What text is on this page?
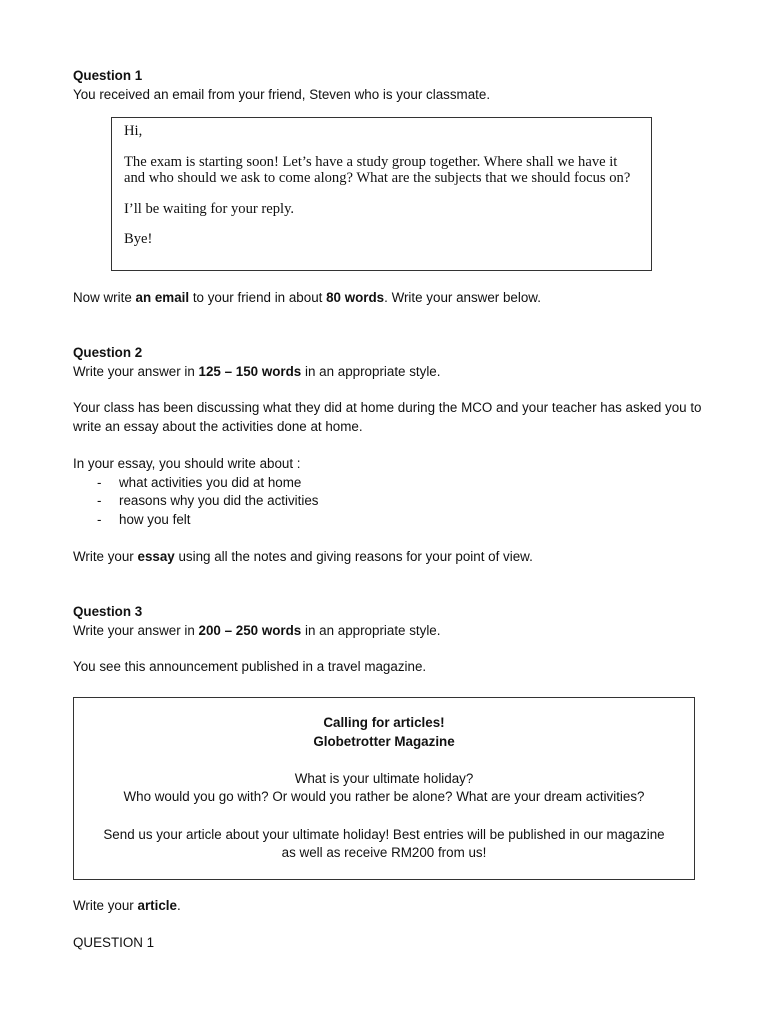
Question 1

You received an email from your friend, Steven who is your classmate.

Hi,

The exam is starting soon! Let’s have a study group together. Where shall we have it and who should we ask to come along? What are the subjects that we should focus on?

I’ll be waiting for your reply.

Bye!

Now write an email to your friend in about 80 words. Write your answer below.

Question 2

Write your answer in 125 – 150 words in an appropriate style.

Your class has been discussing what they did at home during the MCO and your teacher has asked you to write an essay about the activities done at home.

In your essay, you should write about :

- what activities you did at home
- reasons why you did the activities
- how you felt

Write your essay using all the notes and giving reasons for your point of view.

Question 3

Write your answer in 200 – 250 words in an appropriate style.

You see this announcement published in a travel magazine.

Calling for articles!

Globetrotter Magazine

What is your ultimate holiday?

Who would you go with? Or would you rather be alone? What are your dream activities?

Send us your article about your ultimate holiday! Best entries will be published in our magazine as well as receive RM200 from us!

Write your article.

QUESTION 1
